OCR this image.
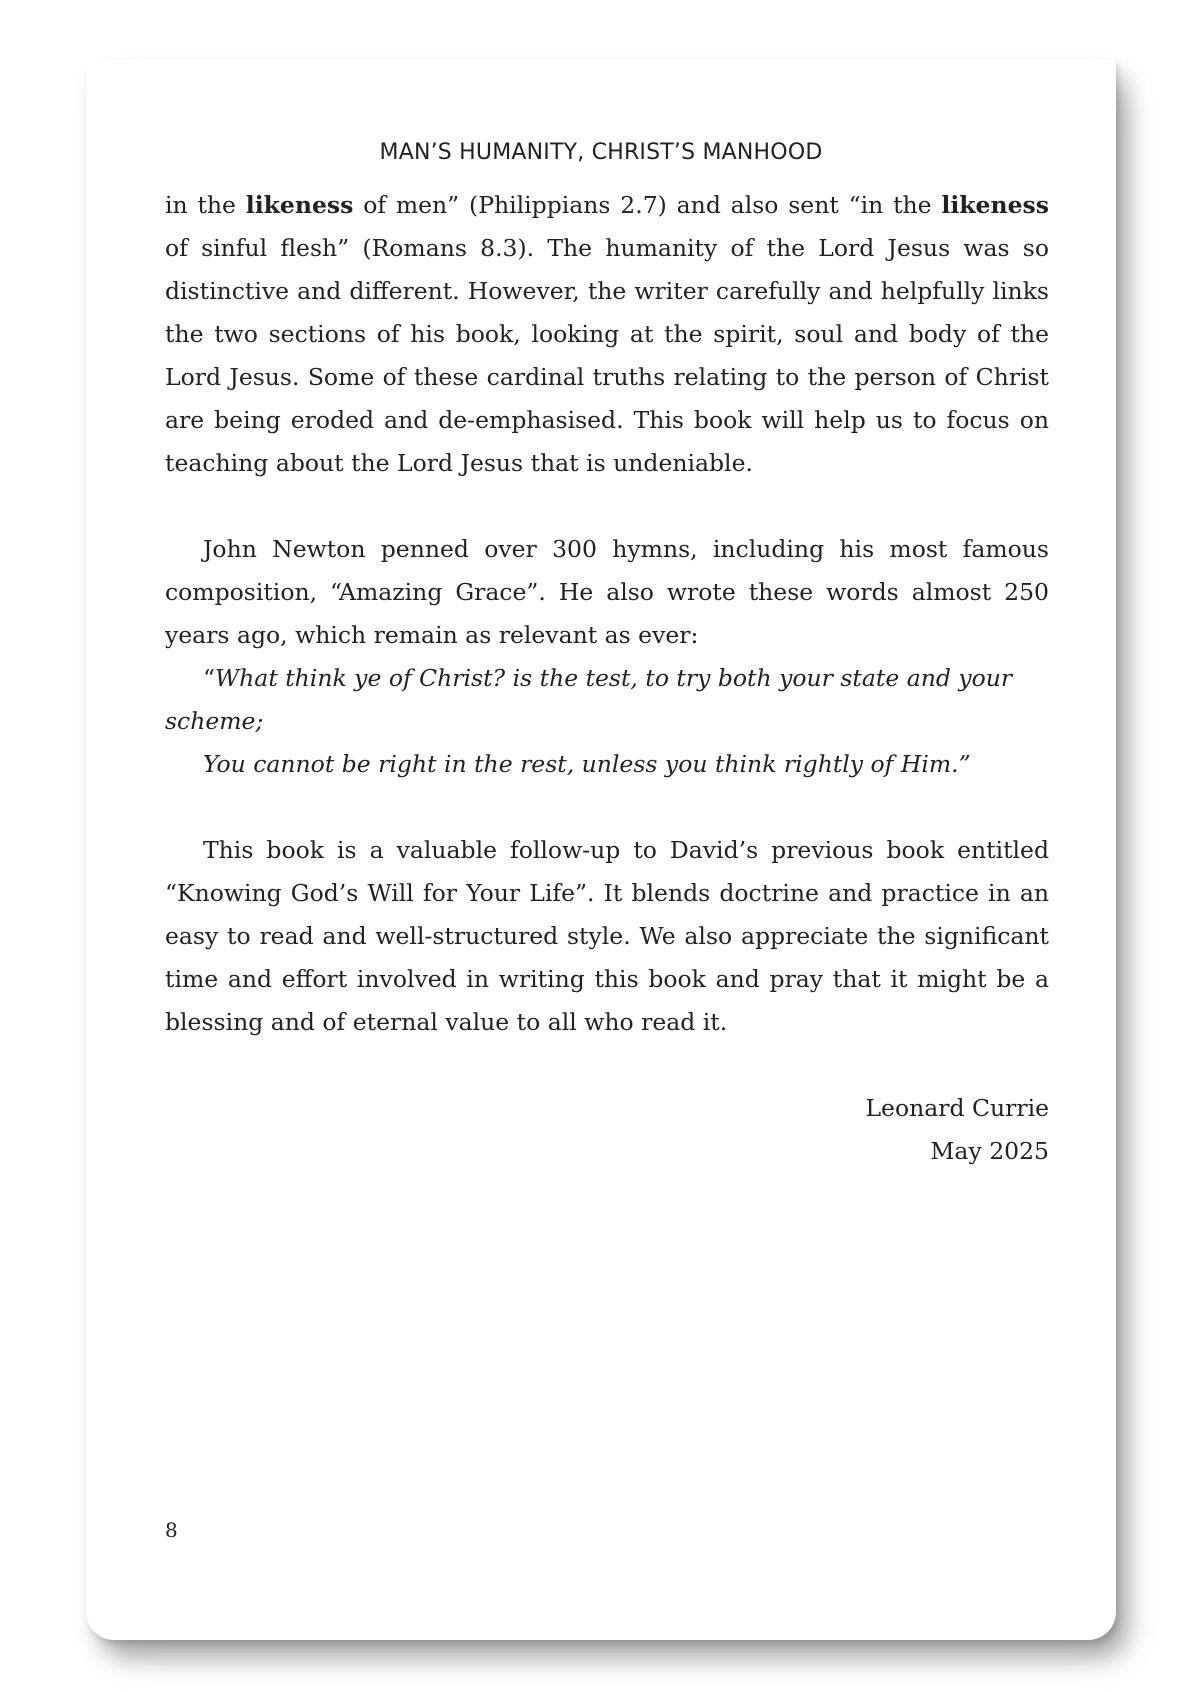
MAN’S HUMANITY, CHRIST’S MANHOOD

in the likeness of men” (Philippians 2.7) and also sent “in the likeness of sinful flesh” (Romans 8.3). The humanity of the Lord Jesus was so distinctive and different. However, the writer carefully and helpfully links the two sections of his book, looking at the spirit, soul and body of the Lord Jesus. Some of these cardinal truths relating to the person of Christ are being eroded and de-emphasised. This book will help us to focus on teaching about the Lord Jesus that is undeniable.

John Newton penned over 300 hymns, including his most famous composition, “Amazing Grace”. He also wrote these words almost 250 years ago, which remain as relevant as ever:

“What think ye of Christ? is the test, to try both your state and your scheme;

You cannot be right in the rest, unless you think rightly of Him.”

This book is a valuable follow-up to David’s previous book entitled “Knowing God’s Will for Your Life”. It blends doctrine and practice in an easy to read and well-structured style. We also appreciate the significant time and effort involved in writing this book and pray that it might be a blessing and of eternal value to all who read it.

Leonard Currie

May 2025

8
